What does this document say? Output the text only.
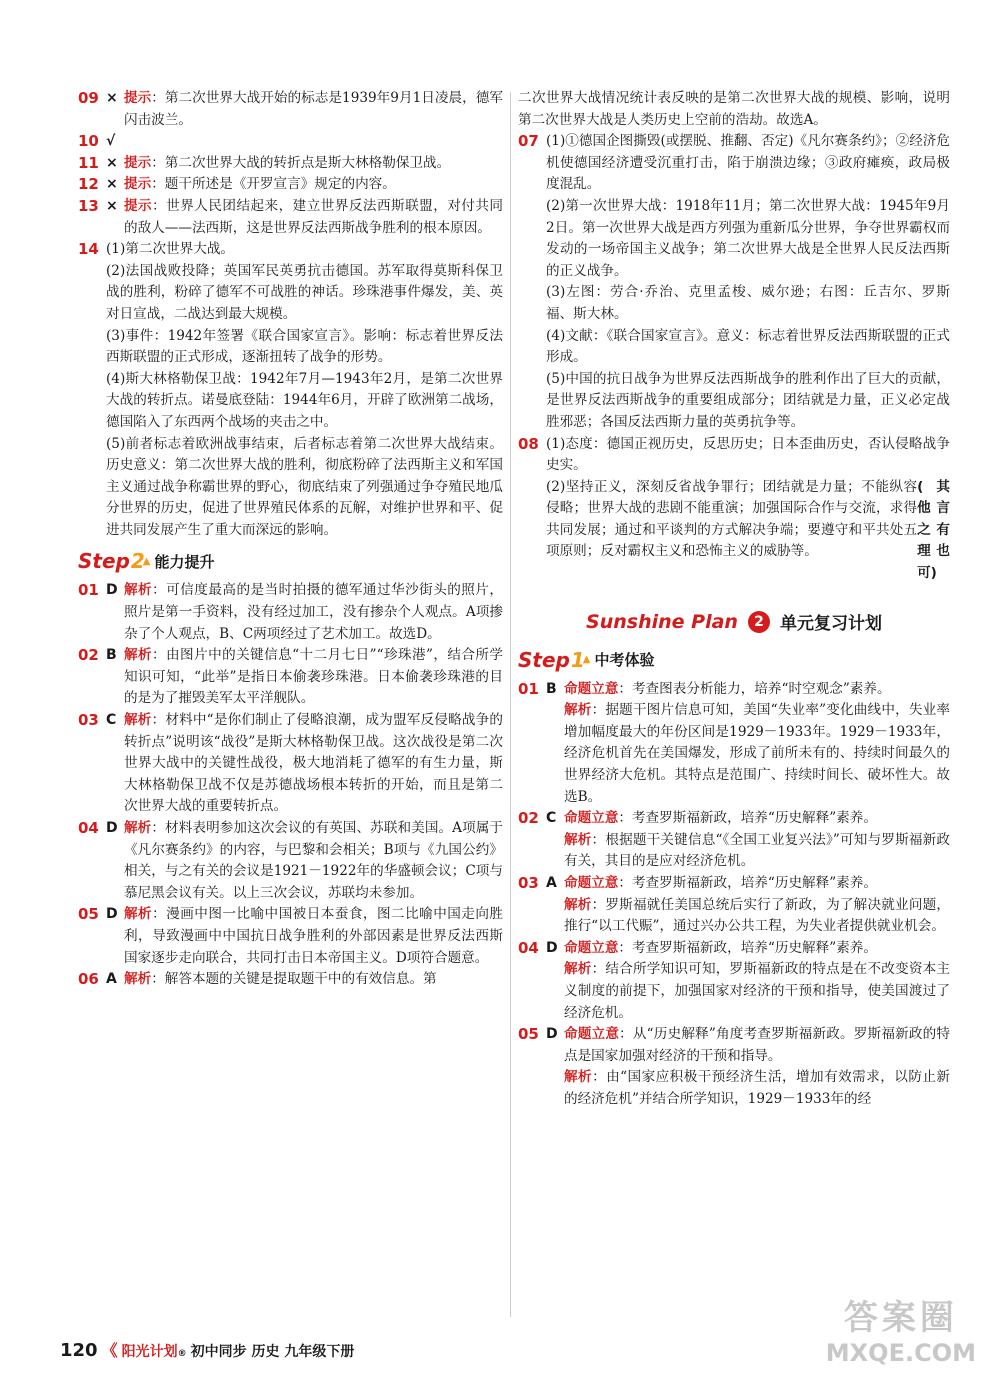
09 × 提示：第二次世界大战开始的标志是1939年9月1日凌晨，德军闪击波兰。
10 √
11 × 提示：第二次世界大战的转折点是斯大林格勒保卫战。
12 × 提示：题干所述是《开罗宣言》规定的内容。
13 × 提示：世界人民团结起来，建立世界反法西斯联盟，对付共同的敌人——法西斯，这是世界反法西斯战争胜利的根本原因。
14 (1)第二次世界大战。
(2)法国战败投降；英国军民英勇抗击德国。苏军取得莫斯科保卫战的胜利，粉碎了德军不可战胜的神话。珍珠港事件爆发，美、英对日宣战，二战达到最大规模。
(3)事件：1942年签署《联合国家宣言》。影响：标志着世界反法西斯联盟的正式形成，逐渐扭转了战争的形势。
(4)斯大林格勒保卫战：1942年7月—1943年2月，是第二次世界大战的转折点。诺曼底登陆：1944年6月，开辟了欧洲第二战场，德国陷入了东西两个战场的夹击之中。
(5)前者标志着欧洲战事结束，后者标志着第二次世界大战结束。历史意义：第二次世界大战的胜利，彻底粉碎了法西斯主义和军国主义通过战争称霸世界的野心，彻底结束了列强通过争夺殖民地瓜分世界的历史，促进了世界殖民体系的瓦解，对维护世界和平、促进共同发展产生了重大而深远的影响。
Step 2
▲ 能力提升
01 D 解析：可信度最高的是当时拍摄的德军通过华沙街头的照片，照片是第一手资料，没有经过加工，没有掺杂个人观点。A项掺杂了个人观点，B、C两项经过了艺术加工。故选D。
02 B 解析：由图片中的关键信息“十二月七日”“珍珠港”，结合所学知识可知，“此举”是指日本偷袭珍珠港。日本偷袭珍珠港的目的是为了摧毁美军太平洋舰队。
03 C 解析：材料中“是你们制止了侵略浪潮，成为盟军反侵略战争的转折点”说明该“战役”是斯大林格勒保卫战。这次战役是第二次世界大战中的关键性战役，极大地消耗了德军的有生力量，斯大林格勒保卫战不仅是苏德战场根本转折的开始，而且是第二次世界大战的重要转折点。
04 D 解析：材料表明参加这次会议的有英国、苏联和美国。A项属于《凡尔赛条约》的内容，与巴黎和会相关；B项与《九国公约》相关，与之有关的会议是1921－1922年的华盛顿会议；C项与慕尼黑会议有关。以上三次会议，苏联均未参加。
05 D 解析：漫画中图一比喻中国被日本蚕食，图二比喻中国走向胜利，导致漫画中中国抗日战争胜利的外部因素是世界反法西斯国家逐步走向联合，共同打击日本帝国主义。D项符合题意。
06 A 解析：解答本题的关键是提取题干中的有效信息。第
二次世界大战情况统计表反映的是第二次世界大战的规模、影响，说明第二次世界大战是人类历史上空前的浩劫。故选A。
07 (1)①德国企图撕毁(或摆脱、推翻、否定)《凡尔赛条约》；②经济危机使德国经济遭受沉重打击，陷于崩溃边缘；③政府瘫痪，政局极度混乱。
(2)第一次世界大战：1918年11月；第二次世界大战：1945年9月2日。第一次世界大战是西方列强为重新瓜分世界，争夺世界霸权而发动的一场帝国主义战争；第二次世界大战是全世界人民反法西斯的正义战争。
(3)左图：劳合·乔治、克里孟梭、威尔逊；右图：丘吉尔、罗斯福、斯大林。
(4)文献：《联合国家宣言》。意义：标志着世界反法西斯联盟的正式形成。
(5)中国的抗日战争为世界反法西斯战争的胜利作出了巨大的贡献，是世界反法西斯战争的重要组成部分；团结就是力量，正义必定战胜邪恶；各国反法西斯力量的英勇抗争等。
08 (1)态度：德国正视历史，反思历史；日本歪曲历史，否认侵略战争史实。
(2)坚持正义，深刻反省战争罪行；团结就是力量；不能纵容侵略；世界大战的悲剧不能重演；加强国际合作与交流，求得共同发展；通过和平谈判的方式解决争端；要遵守和平共处五项原则；反对霸权主义和恐怖主义的威胁等。
(其他言之有理也可)
Sunshine Plan	2 单元复习计划
Step 1
▲ 中考体验
01 B 命题立意：考查图表分析能力，培养“时空观念”素养。
解析：据题干图片信息可知，美国“失业率”变化曲线中，失业率增加幅度最大的年份区间是1929－1933年。1929－1933年，经济危机首先在美国爆发，形成了前所未有的、持续时间最久的世界经济大危机。其特点是范围广、持续时间长、破坏性大。故选B。
02 C 命题立意：考查罗斯福新政，培养“历史解释”素养。
解析：根据题干关键信息“《全国工业复兴法》”可知与罗斯福新政有关，其目的是应对经济危机。
03 A 命题立意：考查罗斯福新政，培养“历史解释”素养。
解析：罗斯福就任美国总统后实行了新政，为了解决就业问题，推行“以工代赈”，通过兴办公共工程，为失业者提供就业机会。
04 D 命题立意：考查罗斯福新政，培养“历史解释”素养。
解析：结合所学知识可知，罗斯福新政的特点是在不改变资本主义制度的前提下，加强国家对经济的干预和指导，使美国渡过了经济危机。
05 D 命题立意：从“历史解释”角度考查罗斯福新政。罗斯福新政的特点是国家加强对经济的干预和指导。
解析：由“国家应积极干预经济生活，增加有效需求，以防止新的经济危机”并结合所学知识，1929－1933年的经
120 《 阳光计划 ® 初中同步 历史 九年级下册
答案圈
MXQE.COM
